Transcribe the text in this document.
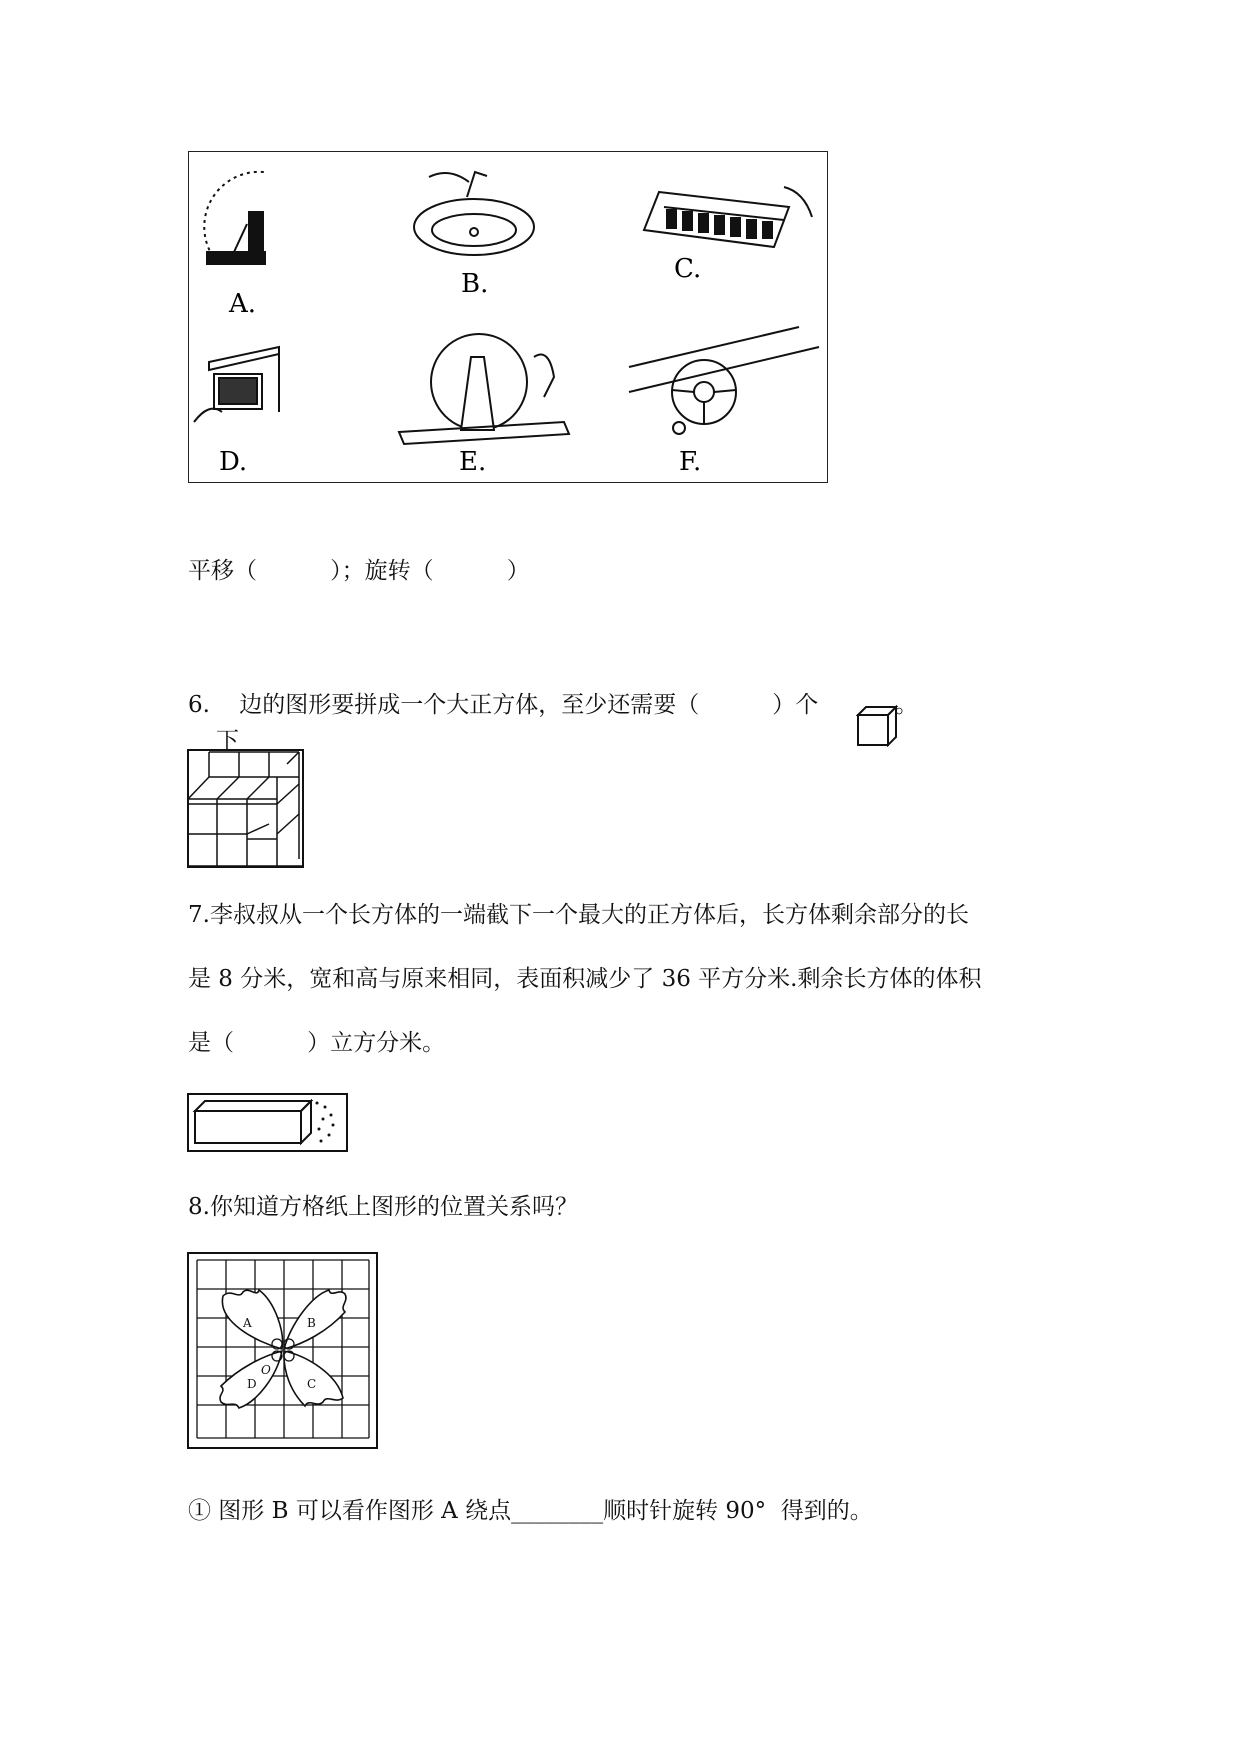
A.
B.	C.
D.	E.	F.
平移（          ）；旋转（          ）
6.    边的图形要拼成一个大正方体，至少还需要（          ）个	。
下
7.李叔叔从一个长方体的一端截下一个最大的正方体后，长方体剩余部分的长
是 8 分米，宽和高与原来相同，表面积减少了 36 平方分米.剩余长方体的体积
是（          ）立方分米。
8.你知道方格纸上图形的位置关系吗？
A	B
C
D
O
① 图形 B 可以看作图形 A 绕点________顺时针旋转 90°  得到的。
